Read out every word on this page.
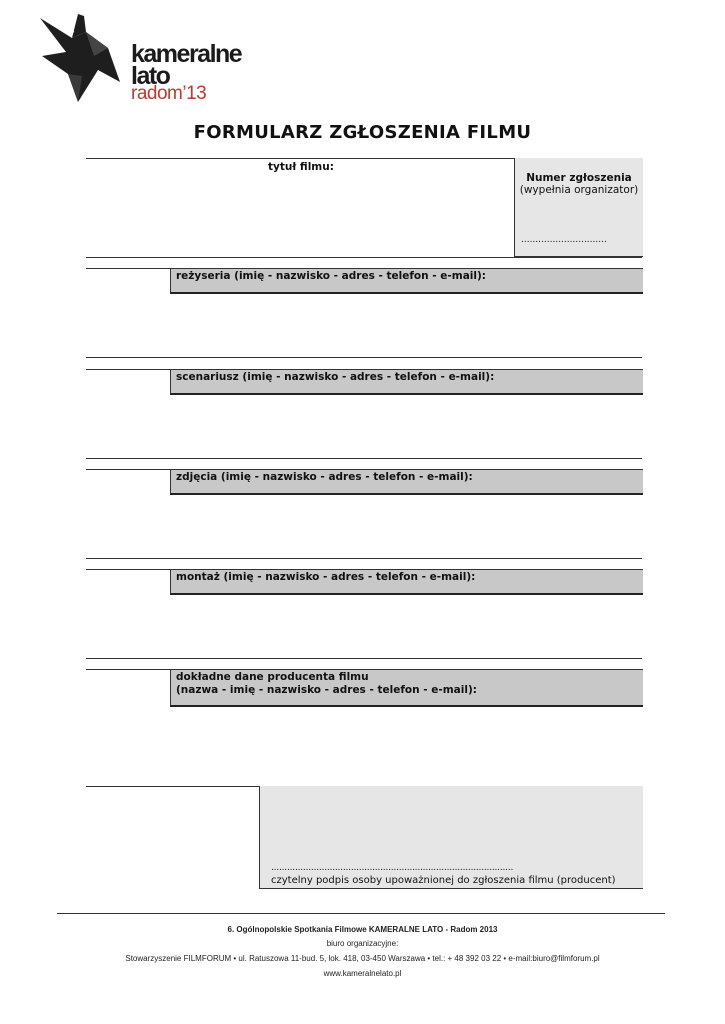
kameralne
lato
radom’13
FORMULARZ ZGŁOSZENIA FILMU
tytuł filmu:
Numer zgłoszenia
(wypełnia organizator)
..............................
reżyseria (imię - nazwisko - adres - telefon - e-mail):
scenariusz (imię - nazwisko - adres - telefon - e-mail):
zdjęcia (imię - nazwisko - adres - telefon - e-mail):
montaż (imię - nazwisko - adres - telefon - e-mail):
dokładne dane producenta filmu
(nazwa - imię - nazwisko - adres - telefon - e-mail):
...........................................................................................
czytelny podpis osoby upoważnionej do zgłoszenia filmu (producent)
6. Ogólnopolskie Spotkania Filmowe KAMERALNE LATO - Radom 2013
biuro organizacyjne:
Stowarzyszenie FILMFORUM • ul. Ratuszowa 11-bud. 5, lok. 418, 03-450 Warszawa • tel.: + 48 392 03 22 • e-mail:biuro@filmforum.pl
www.kameralnelato.pl
